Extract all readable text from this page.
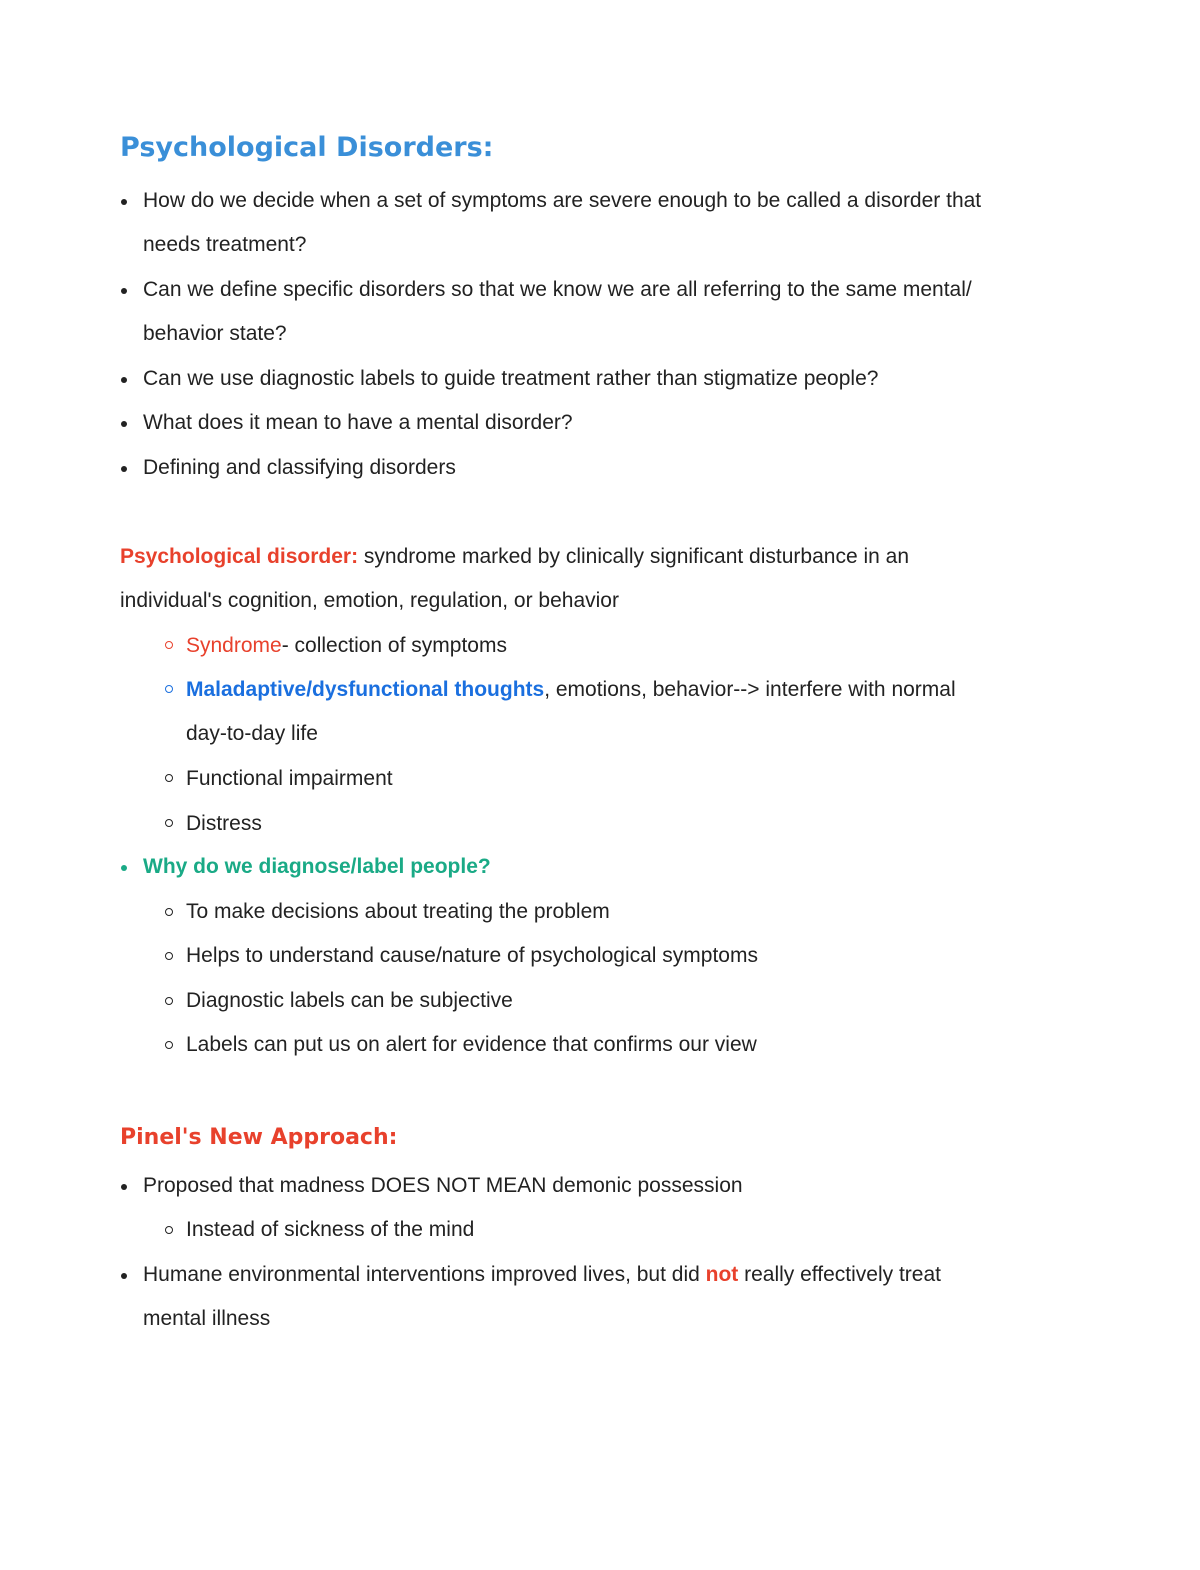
Psychological Disorders:

How do we decide when a set of symptoms are severe enough to be called a disorder that

needs treatment?

Can we define specific disorders so that we know we are all referring to the same mental/

behavior state?

Can we use diagnostic labels to guide treatment rather than stigmatize people?

What does it mean to have a mental disorder?

Defining and classifying disorders

Psychological disorder: syndrome marked by clinically significant disturbance in an

individual's cognition, emotion, regulation, or behavior

Syndrome- collection of symptoms

Maladaptive/dysfunctional thoughts, emotions, behavior--> interfere with normal

day-to-day life

Functional impairment

Distress

Why do we diagnose/label people?

To make decisions about treating the problem

Helps to understand cause/nature of psychological symptoms

Diagnostic labels can be subjective

Labels can put us on alert for evidence that confirms our view

Pinel's New Approach:

Proposed that madness DOES NOT MEAN demonic possession

Instead of sickness of the mind

Humane environmental interventions improved lives, but did not really effectively treat

mental illness
